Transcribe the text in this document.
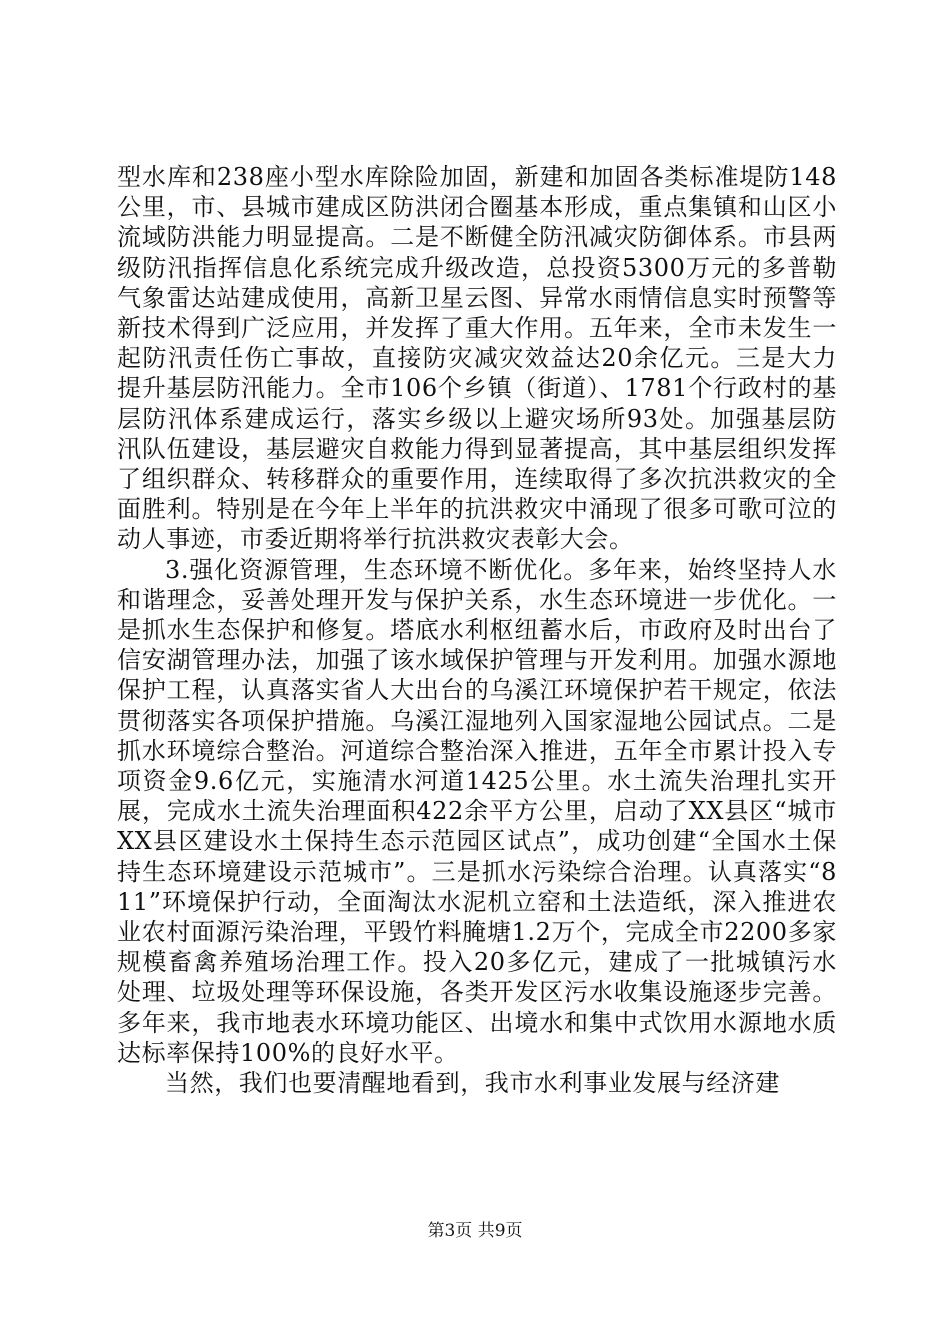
型水库和238座小型水库除险加固，新建和加固各类标准堤防148公里，市、县城市建成区防洪闭合圈基本形成，重点集镇和山区小流域防洪能力明显提高。二是不断健全防汛减灾防御体系。市县两级防汛指挥信息化系统完成升级改造，总投资5300万元的多普勒气象雷达站建成使用，高新卫星云图、异常水雨情信息实时预警等新技术得到广泛应用，并发挥了重大作用。五年来，全市未发生一起防汛责任伤亡事故，直接防灾减灾效益达20余亿元。三是大力提升基层防汛能力。全市106个乡镇（街道）、1781个行政村的基层防汛体系建成运行，落实乡级以上避灾场所93处。加强基层防汛队伍建设，基层避灾自救能力得到显著提高，其中基层组织发挥了组织群众、转移群众的重要作用，连续取得了多次抗洪救灾的全面胜利。特别是在今年上半年的抗洪救灾中涌现了很多可歌可泣的动人事迹，市委近期将举行抗洪救灾表彰大会。

3.强化资源管理，生态环境不断优化。多年来，始终坚持人水和谐理念，妥善处理开发与保护关系，水生态环境进一步优化。一是抓水生态保护和修复。塔底水利枢纽蓄水后，市政府及时出台了信安湖管理办法，加强了该水域保护管理与开发利用。加强水源地保护工程，认真落实省人大出台的乌溪江环境保护若干规定，依法贯彻落实各项保护措施。乌溪江湿地列入国家湿地公园试点。二是抓水环境综合整治。河道综合整治深入推进，五年全市累计投入专项资金9.6亿元，实施清水河道1425公里。水土流失治理扎实开展，完成水土流失治理面积422余平方公里，启动了XX县区“城市XX县区建设水土保持生态示范园区试点”，成功创建“全国水土保持生态环境建设示范城市”。三是抓水污染综合治理。认真落实“811”环境保护行动，全面淘汰水泥机立窑和土法造纸，深入推进农业农村面源污染治理，平毁竹料腌塘1.2万个，完成全市2200多家规模畜禽养殖场治理工作。投入20多亿元，建成了一批城镇污水处理、垃圾处理等环保设施，各类开发区污水收集设施逐步完善。多年来，我市地表水环境功能区、出境水和集中式饮用水源地水质达标率保持100%的良好水平。

当然，我们也要清醒地看到，我市水利事业发展与经济建

第3页 共9页
